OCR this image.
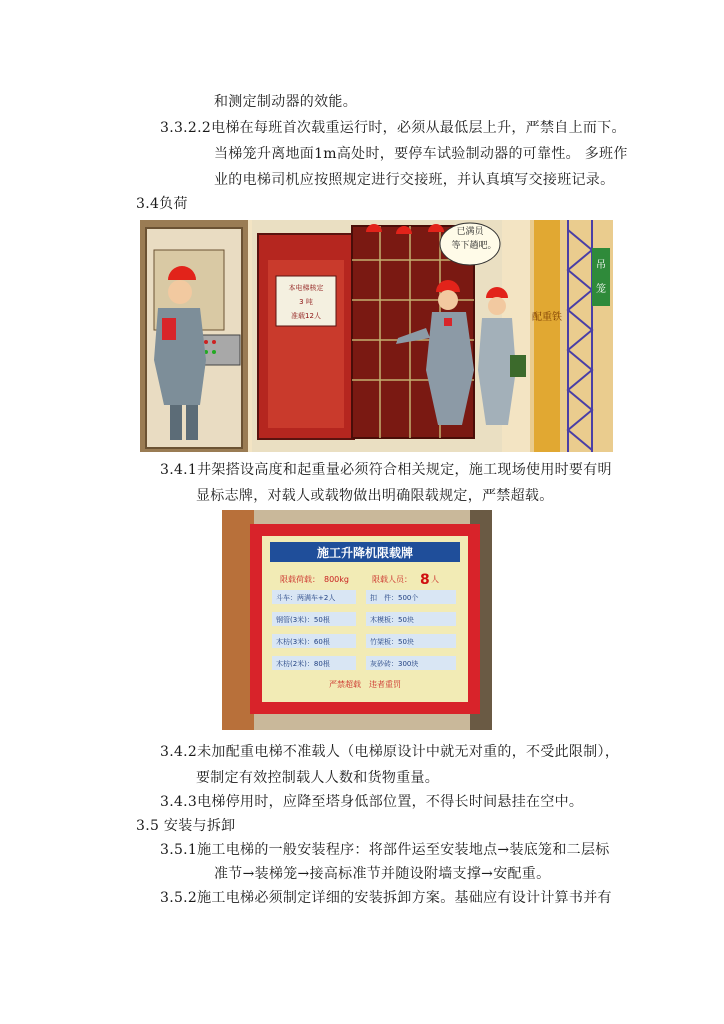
和测定制动器的效能。
3.3.2.2电梯在每班首次载重运行时，必须从最低层上升，严禁自上而下。
当梯笼升离地面1m高处时，要停车试验制动器的可靠性。 多班作
业的电梯司机应按照规定进行交接班，并认真填写交接班记录。
3.4负荷
本电梯核定
3 吨
准载12人
已满员
等下趟吧。
配重铁
吊
笼
3.4.1井架搭设高度和起重量必须符合相关规定，施工现场使用时要有明
显标志牌，对载人或载物做出明确限载规定，严禁超载。
施工升降机限载牌
限载荷载： 800kg	限载人员： 8 人
斗车：两满车+2人	扣　件：500个
钢管(3米)：50根	木模板：50块
木枋(3米)：60根	竹架板：50块
木枋(2米)：80根	灰砂砖：300块
严禁超载　违者重罚
3.4.2未加配重电梯不准载人（电梯原设计中就无对重的，不受此限制），
要制定有效控制载人人数和货物重量。
3.4.3电梯停用时，应降至塔身低部位置，不得长时间悬挂在空中。
3.5 安装与拆卸
3.5.1施工电梯的一般安装程序：将部件运至安装地点→装底笼和二层标
准节→装梯笼→接高标准节并随设附墙支撑→安配重。
3.5.2施工电梯必须制定详细的安装拆卸方案。基础应有设计计算书并有
